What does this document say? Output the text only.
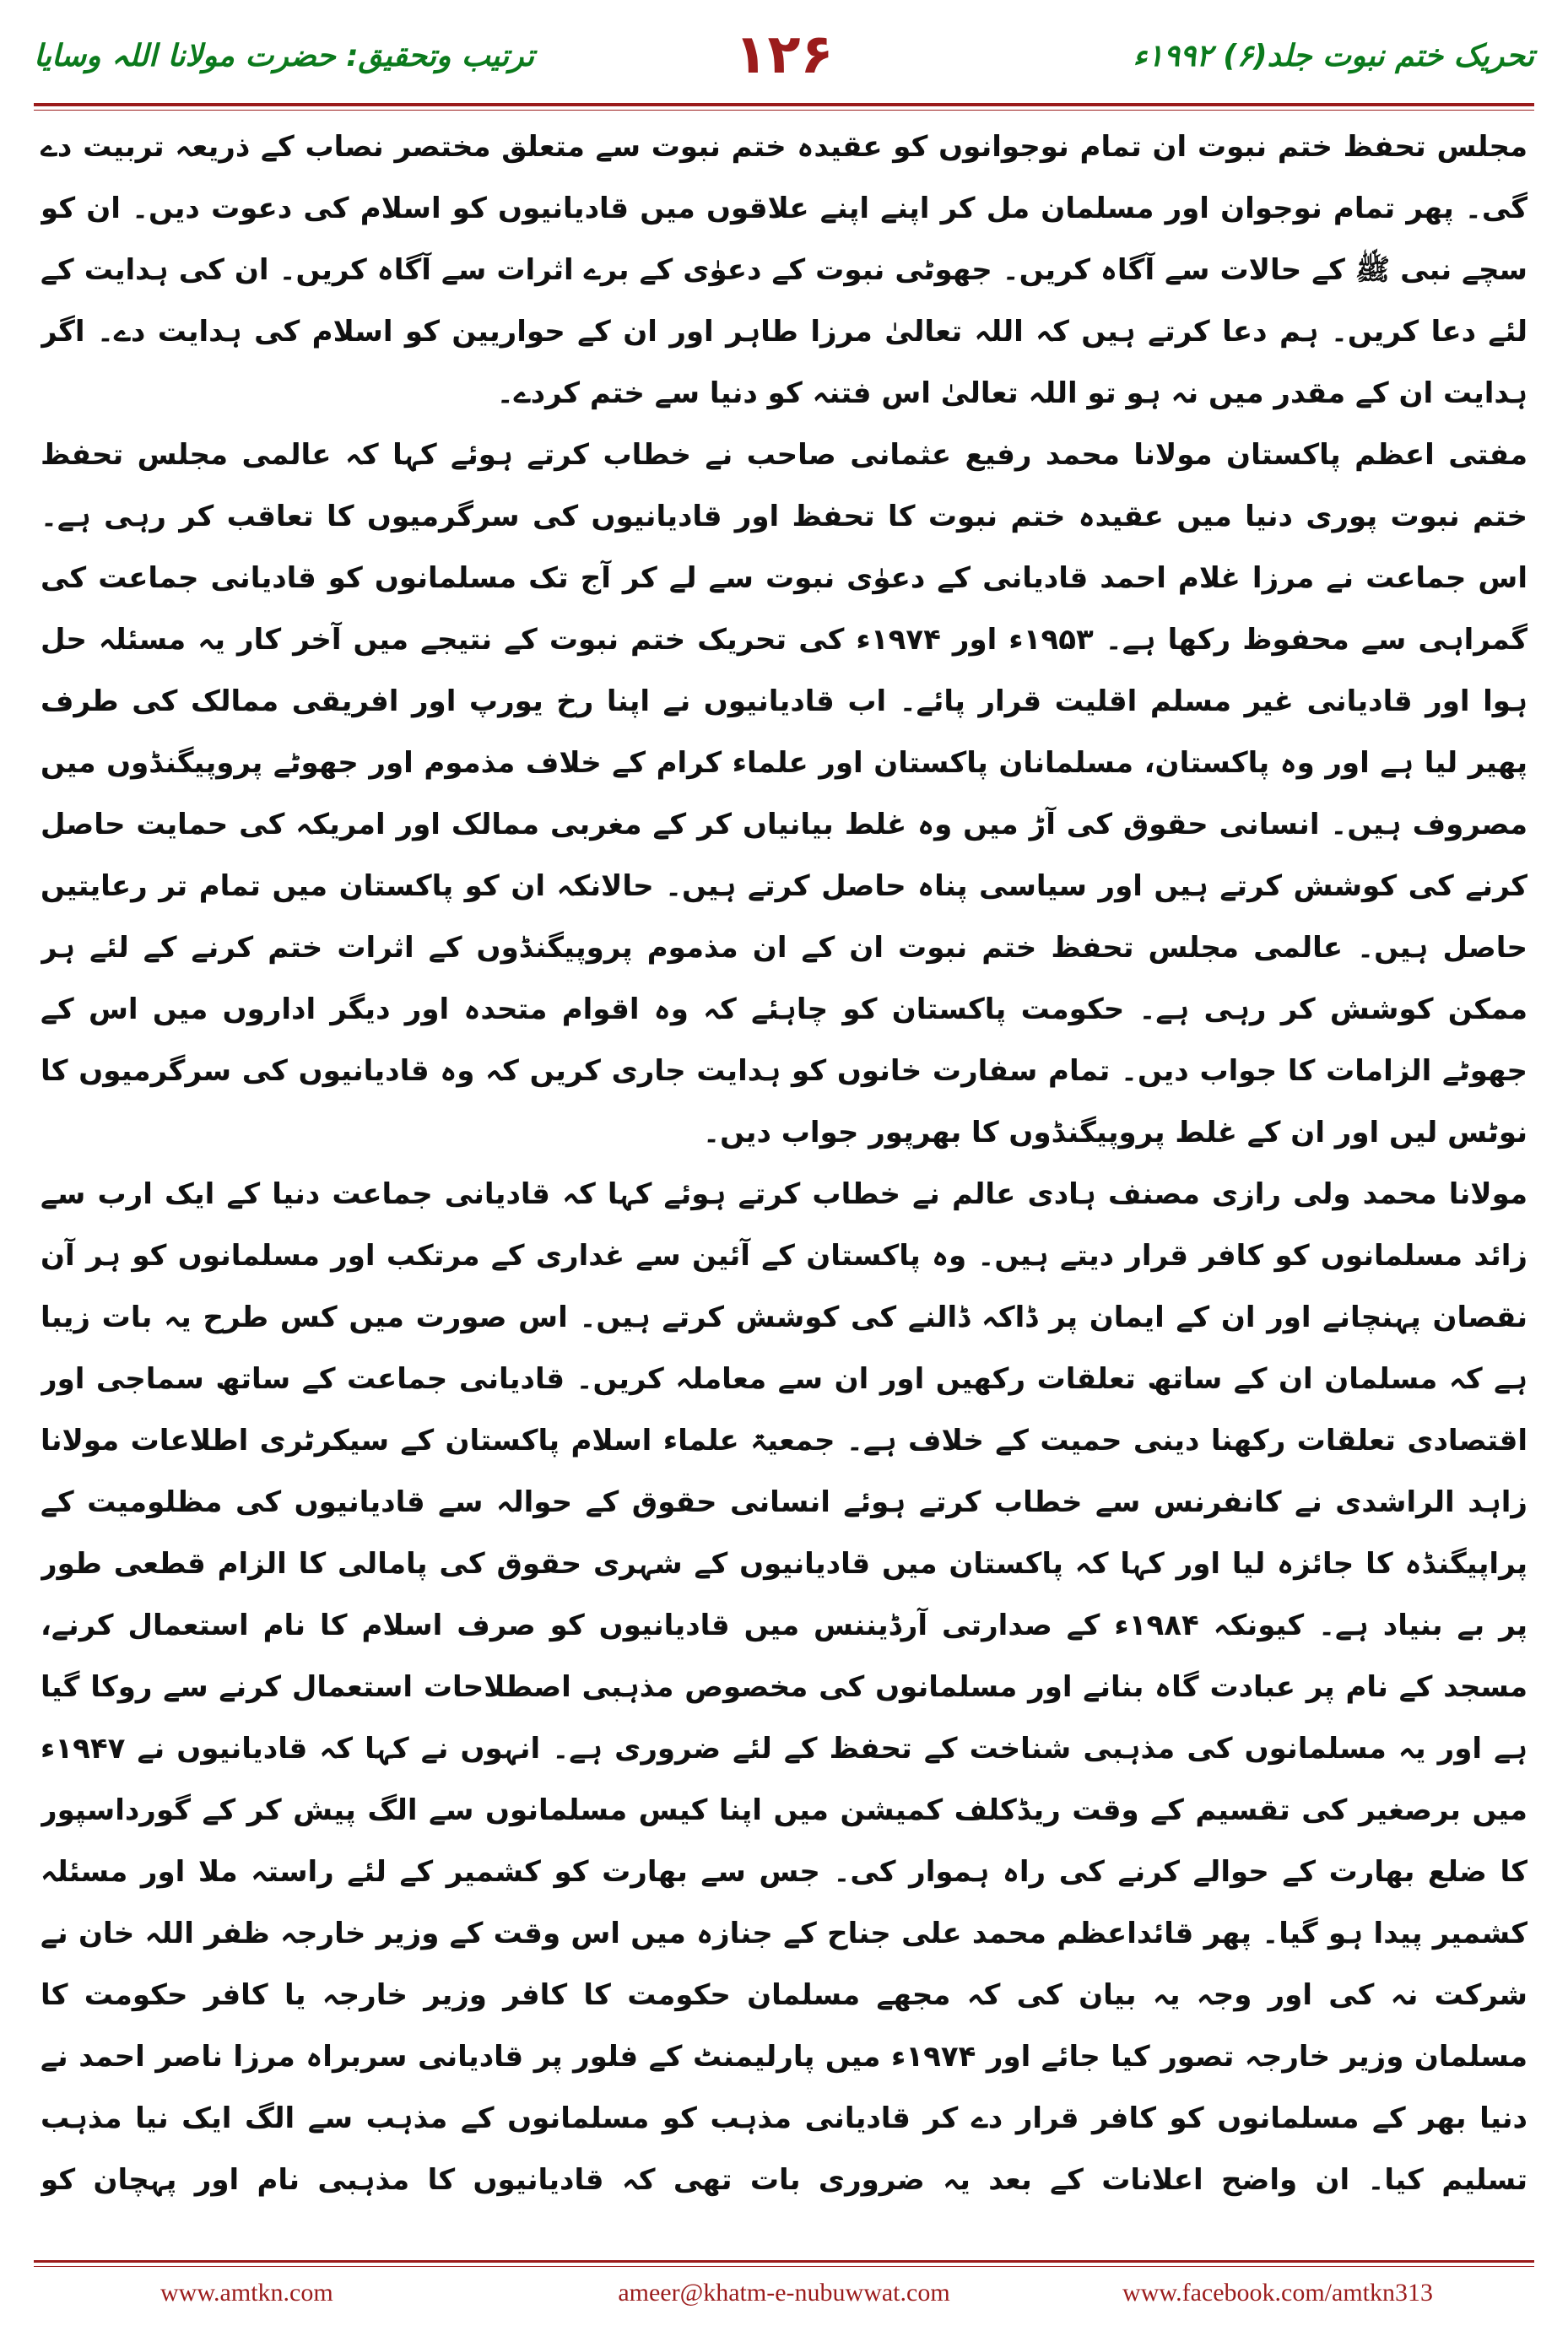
تحریک ختم نبوت جلد(۶) ۱۹۹۲ء
۱۲۶
ترتیب وتحقیق: حضرت مولانا اللہ وسایا

مجلس تحفظ ختم نبوت ان تمام نوجوانوں کو عقیدہ ختم نبوت سے متعلق مختصر نصاب کے ذریعہ تربیت دے گی۔ پھر تمام نوجوان اور مسلمان مل کر اپنے اپنے علاقوں میں قادیانیوں کو اسلام کی دعوت دیں۔ ان کو سچے نبی ﷺ کے حالات سے آگاہ کریں۔ جھوٹی نبوت کے دعوٰی کے برے اثرات سے آگاہ کریں۔ ان کی ہدایت کے لئے دعا کریں۔ ہم دعا کرتے ہیں کہ اللہ تعالیٰ مرزا طاہر اور ان کے حواریین کو اسلام کی ہدایت دے۔ اگر ہدایت ان کے مقدر میں نہ ہو تو اللہ تعالیٰ اس فتنہ کو دنیا سے ختم کردے۔

مفتی اعظم پاکستان مولانا محمد رفیع عثمانی صاحب نے خطاب کرتے ہوئے کہا کہ عالمی مجلس تحفظ ختم نبوت پوری دنیا میں عقیدہ ختم نبوت کا تحفظ اور قادیانیوں کی سرگرمیوں کا تعاقب کر رہی ہے۔ اس جماعت نے مرزا غلام احمد قادیانی کے دعوٰی نبوت سے لے کر آج تک مسلمانوں کو قادیانی جماعت کی گمراہی سے محفوظ رکھا ہے۔ ۱۹۵۳ء اور ۱۹۷۴ء کی تحریک ختم نبوت کے نتیجے میں آخر کار یہ مسئلہ حل ہوا اور قادیانی غیر مسلم اقلیت قرار پائے۔ اب قادیانیوں نے اپنا رخ یورپ اور افریقی ممالک کی طرف پھیر لیا ہے اور وہ پاکستان، مسلمانان پاکستان اور علماء کرام کے خلاف مذموم اور جھوٹے پروپیگنڈوں میں مصروف ہیں۔ انسانی حقوق کی آڑ میں وہ غلط بیانیاں کر کے مغربی ممالک اور امریکہ کی حمایت حاصل کرنے کی کوشش کرتے ہیں اور سیاسی پناہ حاصل کرتے ہیں۔ حالانکہ ان کو پاکستان میں تمام تر رعایتیں حاصل ہیں۔ عالمی مجلس تحفظ ختم نبوت ان کے ان مذموم پروپیگنڈوں کے اثرات ختم کرنے کے لئے ہر ممکن کوشش کر رہی ہے۔ حکومت پاکستان کو چاہئے کہ وہ اقوام متحدہ اور دیگر اداروں میں اس کے جھوٹے الزامات کا جواب دیں۔ تمام سفارت خانوں کو ہدایت جاری کریں کہ وہ قادیانیوں کی سرگرمیوں کا نوٹس لیں اور ان کے غلط پروپیگنڈوں کا بھرپور جواب دیں۔

مولانا محمد ولی رازی مصنف ہادی عالم نے خطاب کرتے ہوئے کہا کہ قادیانی جماعت دنیا کے ایک ارب سے زائد مسلمانوں کو کافر قرار دیتے ہیں۔ وہ پاکستان کے آئین سے غداری کے مرتکب اور مسلمانوں کو ہر آن نقصان پہنچانے اور ان کے ایمان پر ڈاکہ ڈالنے کی کوشش کرتے ہیں۔ اس صورت میں کس طرح یہ بات زیبا ہے کہ مسلمان ان کے ساتھ تعلقات رکھیں اور ان سے معاملہ کریں۔ قادیانی جماعت کے ساتھ سماجی اور اقتصادی تعلقات رکھنا دینی حمیت کے خلاف ہے۔ جمعیۃ علماء اسلام پاکستان کے سیکرٹری اطلاعات مولانا زاہد الراشدی نے کانفرنس سے خطاب کرتے ہوئے انسانی حقوق کے حوالہ سے قادیانیوں کی مظلومیت کے پراپیگنڈہ کا جائزہ لیا اور کہا کہ پاکستان میں قادیانیوں کے شہری حقوق کی پامالی کا الزام قطعی طور پر بے بنیاد ہے۔ کیونکہ ۱۹۸۴ء کے صدارتی آرڈیننس میں قادیانیوں کو صرف اسلام کا نام استعمال کرنے، مسجد کے نام پر عبادت گاہ بنانے اور مسلمانوں کی مخصوص مذہبی اصطلاحات استعمال کرنے سے روکا گیا ہے اور یہ مسلمانوں کی مذہبی شناخت کے تحفظ کے لئے ضروری ہے۔ انہوں نے کہا کہ قادیانیوں نے ۱۹۴۷ء میں برصغیر کی تقسیم کے وقت ریڈکلف کمیشن میں اپنا کیس مسلمانوں سے الگ پیش کر کے گورداسپور کا ضلع بھارت کے حوالے کرنے کی راہ ہموار کی۔ جس سے بھارت کو کشمیر کے لئے راستہ ملا اور مسئلہ کشمیر پیدا ہو گیا۔ پھر قائداعظم محمد علی جناح کے جنازہ میں اس وقت کے وزیر خارجہ ظفر اللہ خان نے شرکت نہ کی اور وجہ یہ بیان کی کہ مجھے مسلمان حکومت کا کافر وزیر خارجہ یا کافر حکومت کا مسلمان وزیر خارجہ تصور کیا جائے اور ۱۹۷۴ء میں پارلیمنٹ کے فلور پر قادیانی سربراہ مرزا ناصر احمد نے دنیا بھر کے مسلمانوں کو کافر قرار دے کر قادیانی مذہب کو مسلمانوں کے مذہب سے الگ ایک نیا مذہب تسلیم کیا۔ ان واضح اعلانات کے بعد یہ ضروری بات تھی کہ قادیانیوں کا مذہبی نام اور پہچان کو

www.facebook.com/amtkn313
ameer@khatm-e-nubuwwat.com
www.amtkn.com
